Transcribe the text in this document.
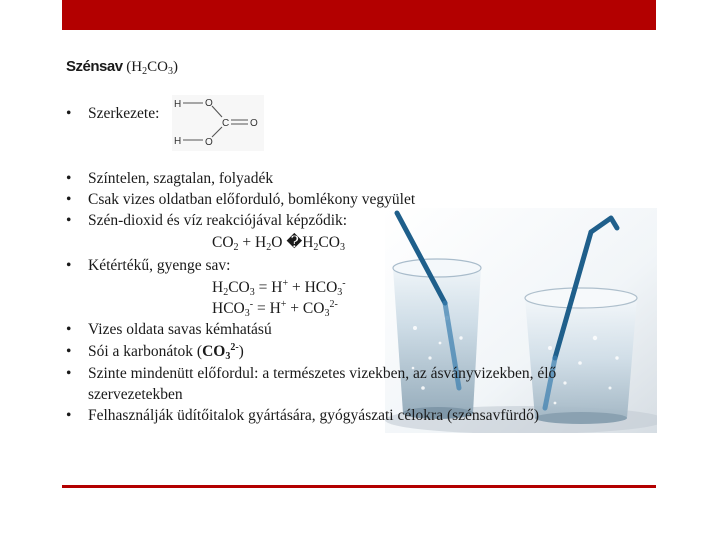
Szénsav $(H_2CO_3)$
• Szerkezete:
H
H
O
O
C O
• Színtelen, szagtalan, folyadék
• Csak vizes oldatban előforduló, bomlékony vegyület
• Szén-dioxid és víz reakciójával képződik:
$CO_2 + H_2O$ $�H_2CO_3$
• Kétértékű, gyenge sav:
$H_2CO_3 = H^+ + HCO_3^-$
$HCO_3^- = H^+ + CO_3^{2-}$
• Vizes oldata savas kémhatású
• Sói a karbonátok $(CO_3^{2-})$
• Szinte mindenütt előfordul: a természetes vizekben, az ásványvizekben, élő
szervezetekben
• Felhasználják üdítőitalok gyártására, gyógyászati célokra (szénsavfürdő)
